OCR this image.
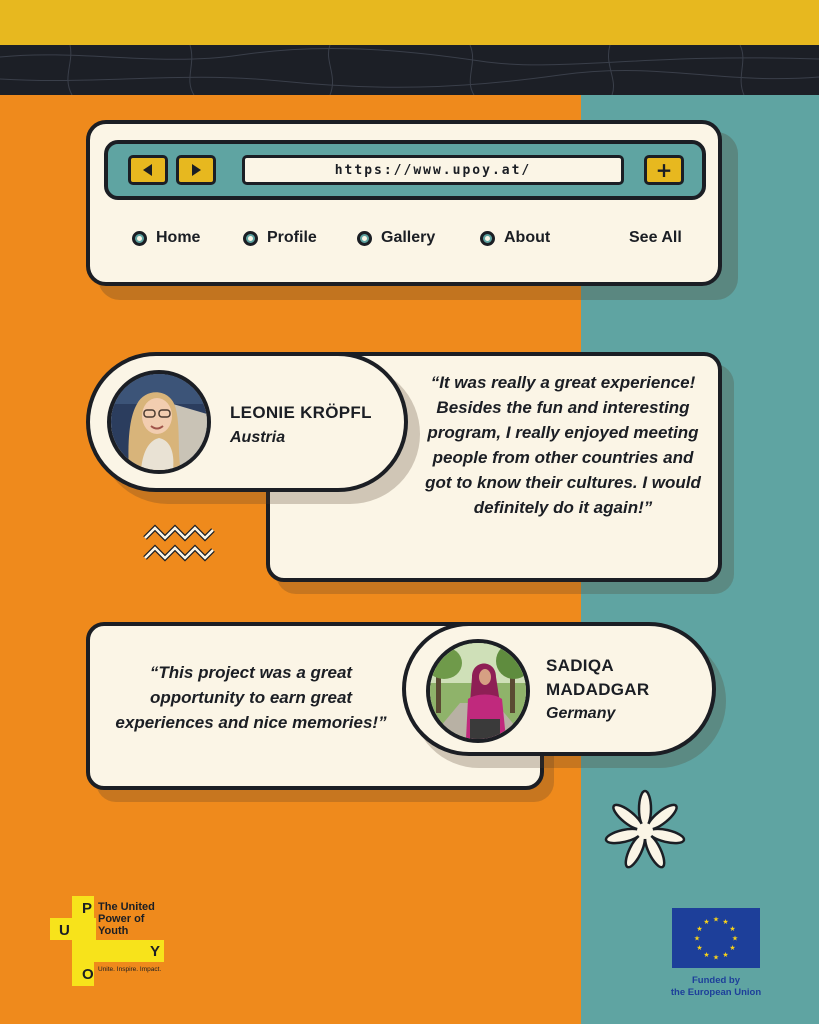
https://www.upoy.at/	+
Home	Profile	Gallery	About	See All
“It was really a great experience! Besides the fun and interesting program, I really enjoyed meeting people from other countries and got to know their cultures. I would definitely do it again!”
LEONIE KRÖPFL
Austria
“This project was a great opportunity to earn great experiences and nice memories!”
SADIQA
MADADGAR
Germany
P
U
Y
O
The United
Power of
Youth
Unite. Inspire. Impact.
★ ★
★
★
★
★
★
★
★
★
★
★
Funded by
the European Union
